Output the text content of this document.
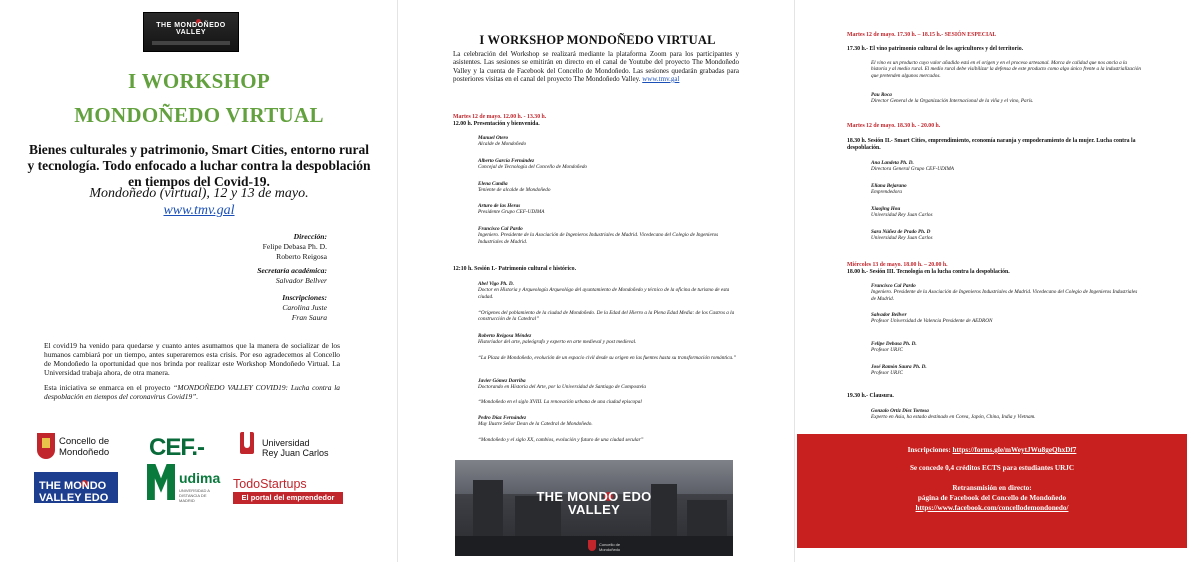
THE MONDOÑEDO VALLEY
I WORKSHOP
MONDOÑEDO VIRTUAL
Bienes culturales y patrimonio, Smart Cities, entorno rural y tecnología. Todo enfocado a luchar contra la despoblación en tiempos del Covid-19.
Mondoñedo (virtual), 12 y 13 de mayo.
www.tmv.gal
Dirección:
Felipe Debasa Ph. D.
Roberto Reigosa
Secretaría académica:
Salvador Bellver
Inscripciones:
Carolina Juste
Fran Saura
El covid19 ha venido para quedarse y cuanto antes asumamos que la manera de socializar de los humanos cambiará por un tiempo, antes superaremos esta crisis. Por eso agradecemos al Concello de Mondoñedo la oportunidad que nos brinda por realizar este Workshop Mondoñedo Virtual. La Universidad trabaja ahora, de otra manera.
Esta iniciativa se enmarca en el proyecto “MONDOÑEDO VALLEY COVID19: Lucha contra la despoblación en tiempos del coronavirus Covid19”.
Concello de
Mondoñedo CEF.-	Universidad
Rey Juan Carlos
THE MONDO
VALLEY EDO
udima
UNIVERSIDAD A DISTANCIA DE MADRID
TodoStartups
El portal del emprendedor
I WORKSHOP MONDOÑEDO VIRTUAL
La celebración del Workshop se realizará mediante la plataforma Zoom para los participantes y asistentes. Las sesiones se emitirán en directo en el canal de Youtube del proyecto The Mondoñedo Valley y la cuenta de Facebook del Concello de Mondoñedo. Las sesiones quedarán grabadas para posteriores visitas en el canal del proyecto The Mondoñedo Valley. www.tmv.gal
Martes 12 de mayo. 12.00 h. - 13.30 h.
12.00 h. Presentación y bienvenida.
Manuel Otero
Alcalde de Mondoñedo
Alberto García Fernández
Concejal de Tecnología del Concello de Mondoñedo
Elena Candia
Teniente de alcalde de Mondoñedo
Arturo de las Heras
Presidente Grupo CEF-UDIMA
Francisco Cal Pardo
Ingeniero. Presidente de la Asociación de Ingenieros Industriales de Madrid. Vicedecano del Colegio de Ingenieros Industriales de Madrid.
12:10 h. Sesión I.- Patrimonio cultural e histórico.
Abel Vigo Ph. D.
Doctor en Historia y Arqueología Arqueológo del ayuntamiento de Mondoñedo y técnico de la oficina de turismo de esta ciudad.
“Orígenes del poblamiento de la ciudad de Mondoñedo. De la Edad del Hierro a la Plena Edad Media: de los Castros a la construcción de la Catedral”
Roberto Reigosa Méndez
Historiador del arte, paleógrafo y experto en arte medieval y post medieval.
“La Plaza de Mondoñedo, evolución de un espacio civil desde su origen en las fuentes hasta su transformación romántica.”
Javier Gómez Darriba
Doctorando en Historia del Arte, por la Universidad de Santiago de Compostela
“Mondoñedo en el siglo XVIII. La renovación urbana de una ciudad episcopal
Pedro Díaz Fernández
Muy Ilustre Señor Dean de la Catedral de Mondoñedo.
“Mondoñedo y el siglo XX, cambios, evolución y futuro de una ciudad secular”
THE MONDO EDO
VALLEY
Concello de Mondoñedo
Martes 12 de mayo. 17.30 h. – 18.15 h.- SESIÓN ESPECIAL
17.30 h.- El vino patrimonio cultural de los agricultores y del territorio.
El vino es un producto cuyo valor añadido está en el origen y en el proceso artesanal. Marca de calidad que nos ancla a la historia y al medio rural. El medio rural debe visibilizar la defensa de este producto como algo único frente a la industrialización que pretenden algunos mercados.
Pau Roca
Director General de la Organización Internacional de la viña y el vino, París.
Martes 12 de mayo. 18.30 h. - 20.00 h.
18.30 h. Sesión II.- Smart Cities, emprendimiento, economía naranja y empoderamiento de la mujer. Lucha contra la despoblación.
Ana Landeta Ph. D.
Directora General Grupo CEF-UDIMA
Eliana Bejarano
Emprendedora
Xiaojing Hou
Universidad Rey Juan Carlos
Sara Núñez de Prado Ph. D
Universidad Rey Juan Carlos
Miércoles 13 de mayo. 18.00 h. – 20.00 h.
18.00 h.- Sesión III. Tecnología en la lucha contra la despoblación.
Francisco Cal Pardo
Ingeniero. Presidente de la Asociación de Ingenieros Industriales de Madrid. Vicedecano del Colegio de Ingenieros Industriales de Madrid.
Salvador Bellver
Profesor Universidad de Valencia Presidente de AEDRON
Felipe Debasa Ph. D.
Profesor URJC
José Ramón Saura Ph. D.
Profesor URJC
19.30 h.- Clausura.
Gonzalo Ortiz Díez Tortosa
Experto en Asia, ha estado destinado en Corea, Japón, China, India y Vietnam.
Inscripciones: https://forms.gle/mWeytJWu8geQhxDf7
Se concede 0,4 créditos ECTS para estudiantes URJC
Retransmisión en directo:
página de Facebook del Concello de Mondoñedo
https://www.facebook.com/concellodemondonedo/
